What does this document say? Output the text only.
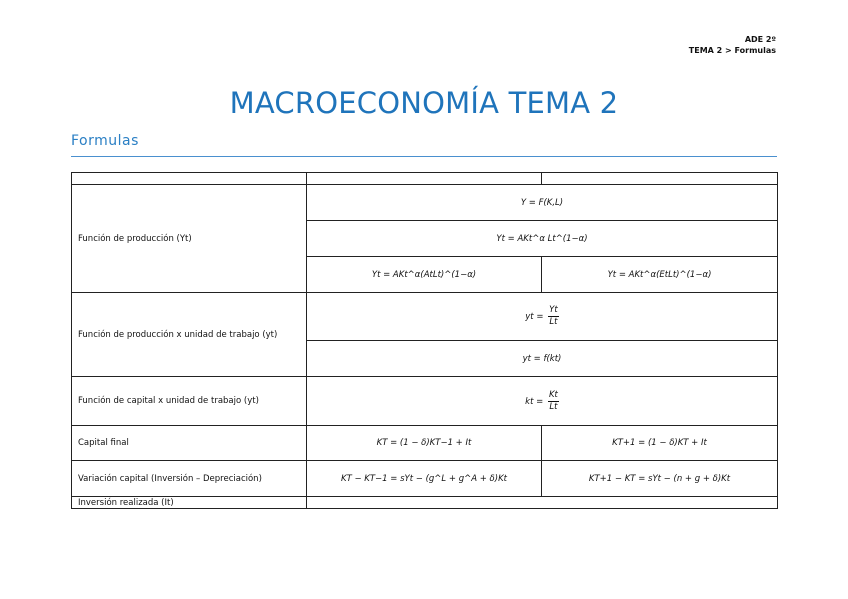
ADE 2º
TEMA 2 > Formulas
MACROECONOMÍA TEMA 2
Formulas

Función de producción (Yt)	Y = F(K,L)	
	Yt = AKt^α Lt^(1−α)	
	Yt = AKt^α(AtLt)^(1−α)	Yt = AKt^α(EtLt)^(1−α)
Función de producción x unidad de trabajo (yt)	yt = $\frac{Yt}{Lt}$

	yt = f(kt)	
Función de capital x unidad de trabajo (yt)	kt = $\frac{Kt}{Lt}$

Capital final	KT = (1 − δ)KT−1 + It	KT+1 = (1 − δ)KT + It
Variación capital (Inversión – Depreciación)	KT − KT−1 = sYt − (g^L + g^A + δ)Kt	KT+1 − KT = sYt − (n + g + δ)Kt
Inversión realizada (It)		
